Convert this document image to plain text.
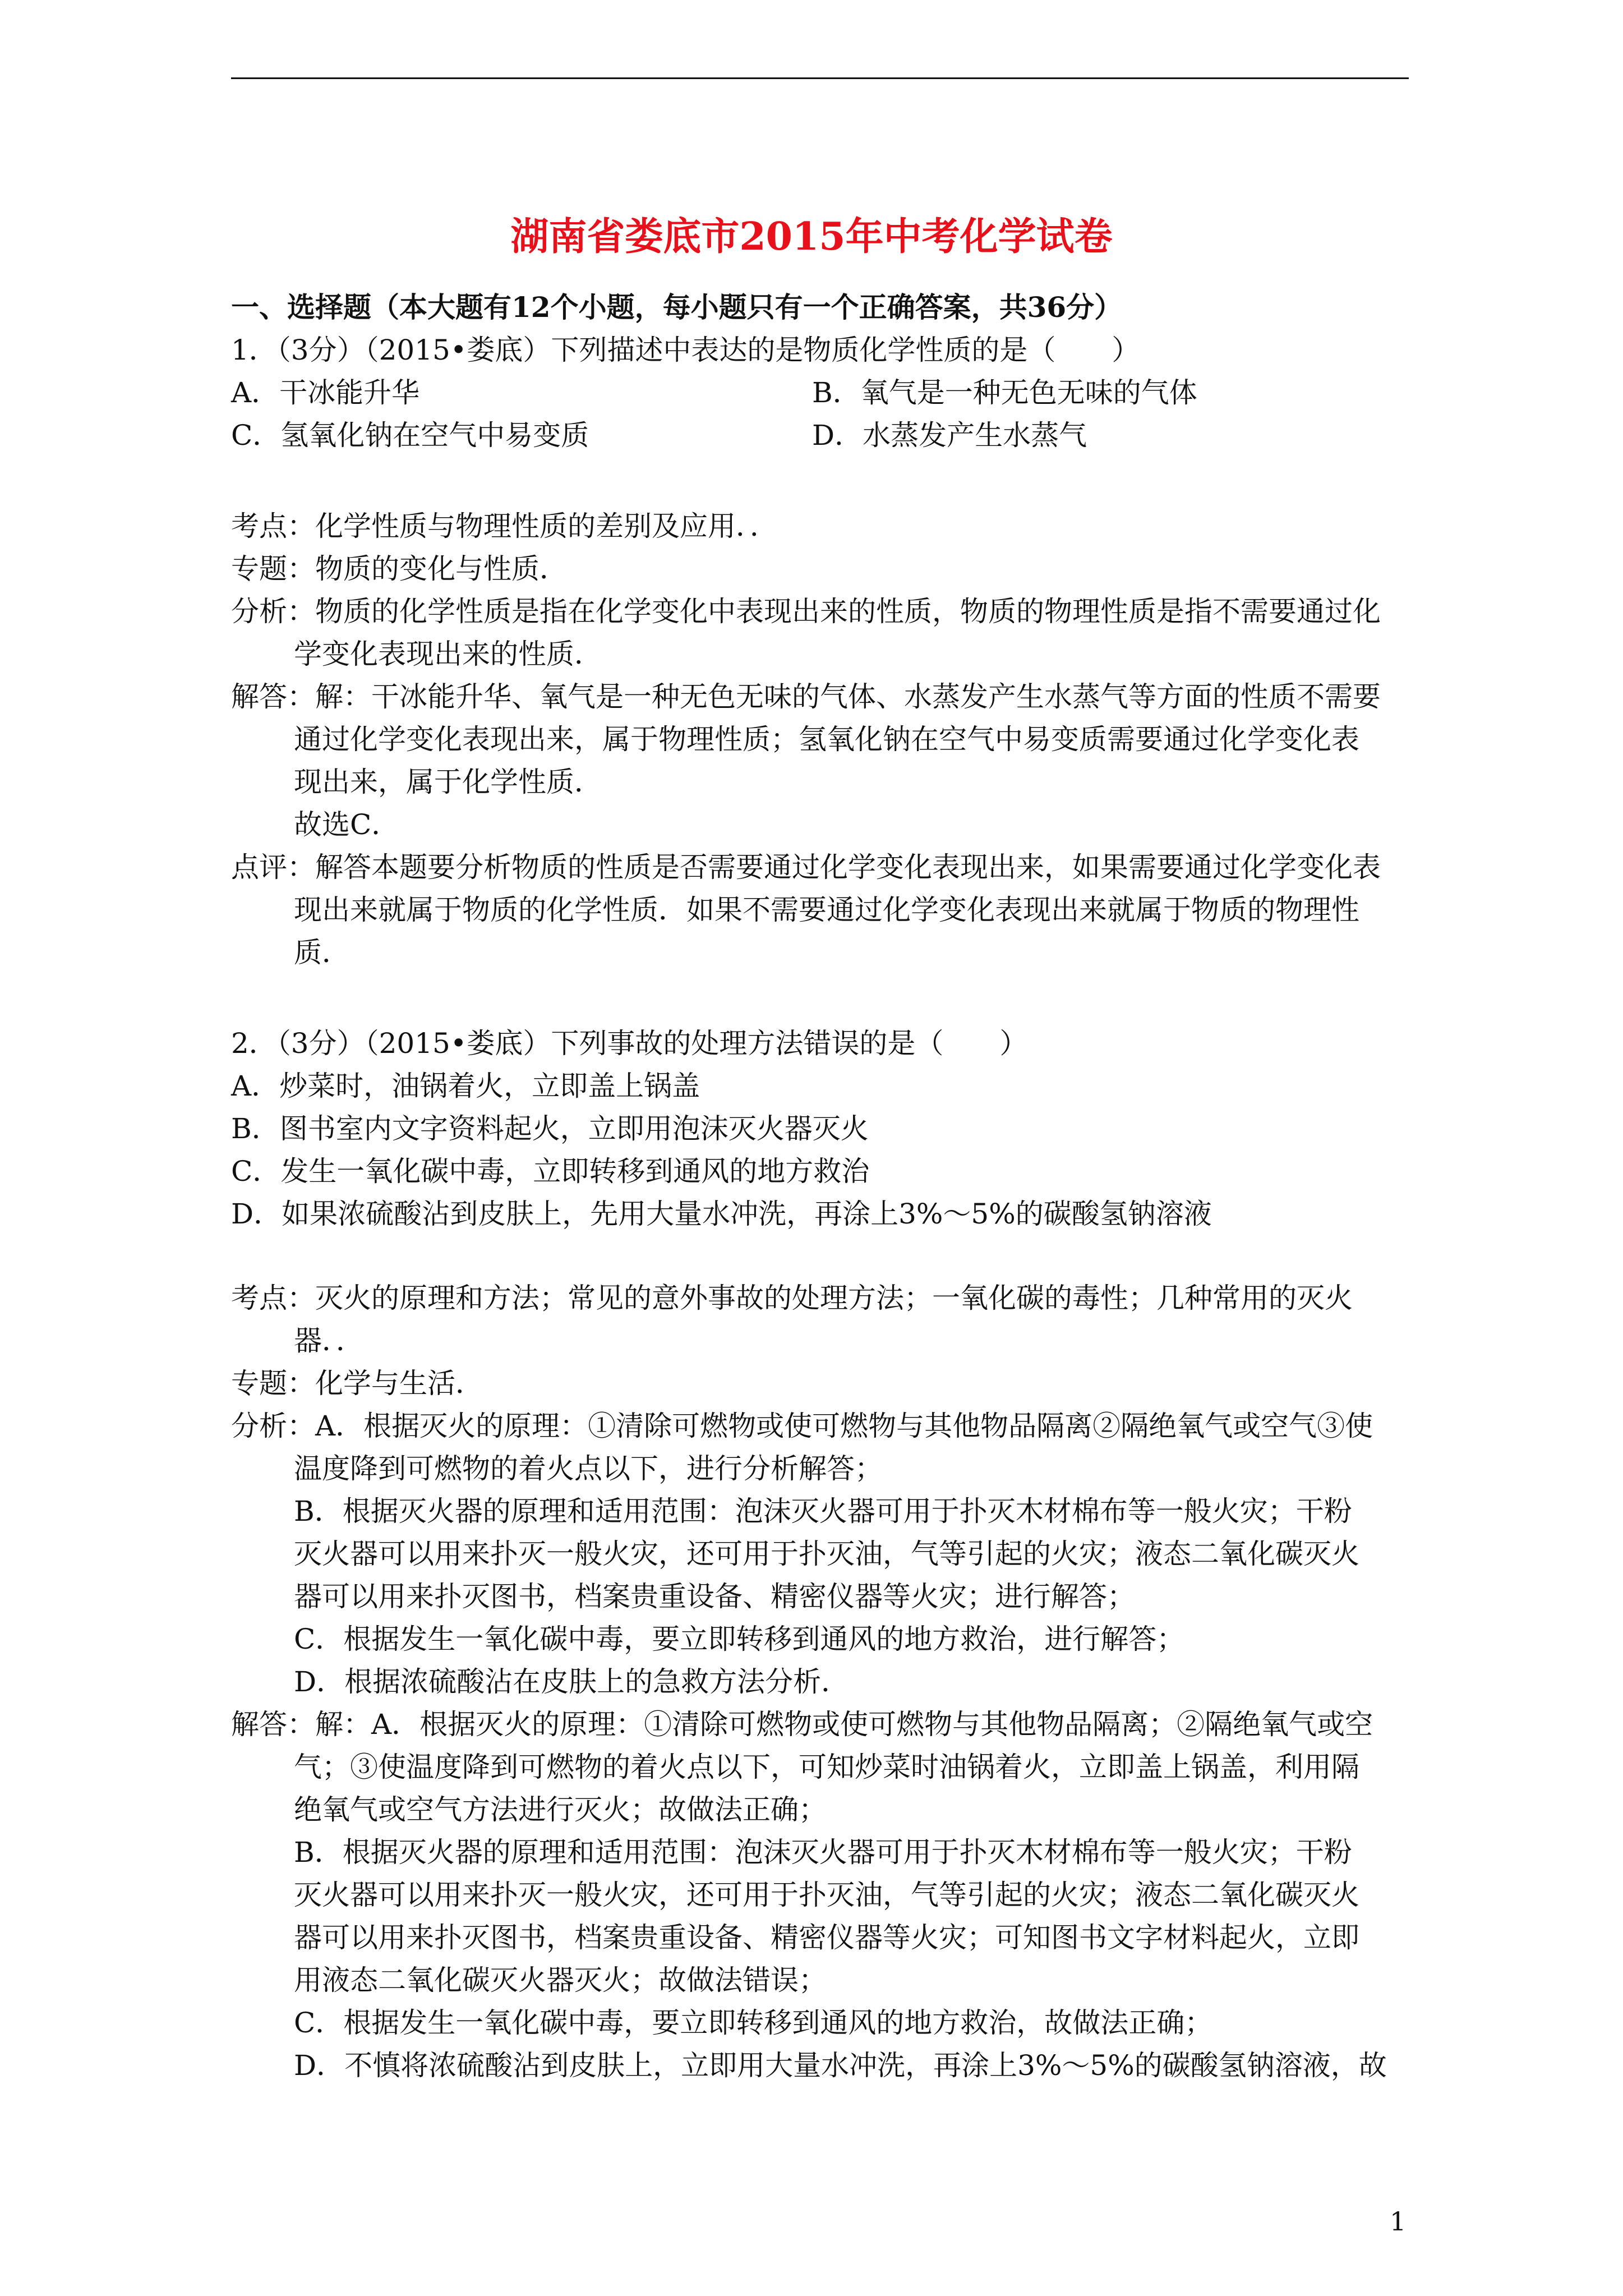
湖南省娄底市2015年中考化学试卷
一、选择题（本大题有12个小题，每小题只有一个正确答案，共36分）
1．（3分）（2015•娄底）下列描述中表达的是物质化学性质的是（　　）
A．干冰能升华	B．氧气是一种无色无味的气体
C．氢氧化钠在空气中易变质	D．水蒸发产生水蒸气
考点：化学性质与物理性质的差别及应用．．
专题：物质的变化与性质．
分析：物质的化学性质是指在化学变化中表现出来的性质，物质的物理性质是指不需要通过化
学变化表现出来的性质．
解答：解：干冰能升华、氧气是一种无色无味的气体、水蒸发产生水蒸气等方面的性质不需要
通过化学变化表现出来，属于物理性质；氢氧化钠在空气中易变质需要通过化学变化表
现出来，属于化学性质．
故选C．
点评：解答本题要分析物质的性质是否需要通过化学变化表现出来，如果需要通过化学变化表
现出来就属于物质的化学性质．如果不需要通过化学变化表现出来就属于物质的物理性
质．
2．（3分）（2015•娄底）下列事故的处理方法错误的是（　　）
A．炒菜时，油锅着火，立即盖上锅盖
B．图书室内文字资料起火，立即用泡沫灭火器灭火
C．发生一氧化碳中毒，立即转移到通风的地方救治
D．如果浓硫酸沾到皮肤上，先用大量水冲洗，再涂上3%～5%的碳酸氢钠溶液
考点：灭火的原理和方法；常见的意外事故的处理方法；一氧化碳的毒性；几种常用的灭火
器．．
专题：化学与生活．
分析：A．根据灭火的原理：①清除可燃物或使可燃物与其他物品隔离②隔绝氧气或空气③使
温度降到可燃物的着火点以下，进行分析解答；
B．根据灭火器的原理和适用范围：泡沫灭火器可用于扑灭木材棉布等一般火灾；干粉
灭火器可以用来扑灭一般火灾，还可用于扑灭油，气等引起的火灾；液态二氧化碳灭火
器可以用来扑灭图书，档案贵重设备、精密仪器等火灾；进行解答；
C．根据发生一氧化碳中毒，要立即转移到通风的地方救治，进行解答；
D．根据浓硫酸沾在皮肤上的急救方法分析．
解答：解：A．根据灭火的原理：①清除可燃物或使可燃物与其他物品隔离；②隔绝氧气或空
气；③使温度降到可燃物的着火点以下，可知炒菜时油锅着火，立即盖上锅盖，利用隔
绝氧气或空气方法进行灭火；故做法正确；
B．根据灭火器的原理和适用范围：泡沫灭火器可用于扑灭木材棉布等一般火灾；干粉
灭火器可以用来扑灭一般火灾，还可用于扑灭油，气等引起的火灾；液态二氧化碳灭火
器可以用来扑灭图书，档案贵重设备、精密仪器等火灾；可知图书文字材料起火，立即
用液态二氧化碳灭火器灭火；故做法错误；
C．根据发生一氧化碳中毒，要立即转移到通风的地方救治，故做法正确；
D．不慎将浓硫酸沾到皮肤上，立即用大量水冲洗，再涂上3%～5%的碳酸氢钠溶液，故
1
